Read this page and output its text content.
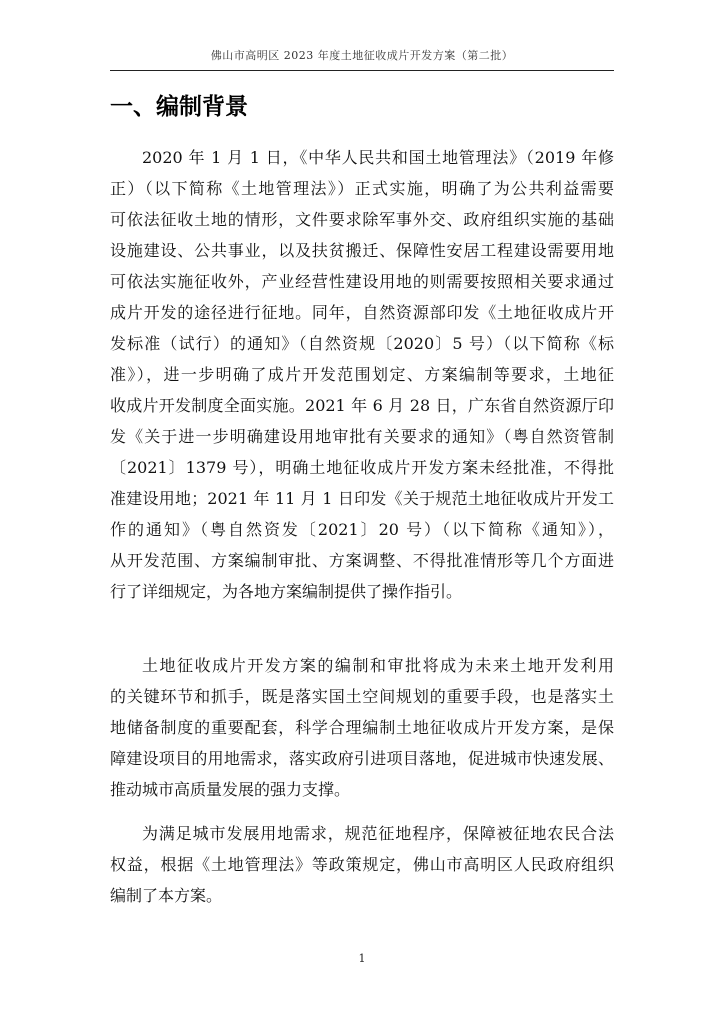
佛山市高明区 2023 年度土地征收成片开发方案（第二批）
一、编制背景
2020 年 1 月 1 日，《中华人民共和国土地管理法》（2019 年修
正）（以下简称《土地管理法》）正式实施，明确了为公共利益需要
可依法征收土地的情形，文件要求除军事外交、政府组织实施的基础
设施建设、公共事业，以及扶贫搬迁、保障性安居工程建设需要用地
可依法实施征收外，产业经营性建设用地的则需要按照相关要求通过
成片开发的途径进行征地。同年，自然资源部印发《土地征收成片开
发标准（试行）的通知》（自然资规〔2020〕5 号）（以下简称《标
准》），进一步明确了成片开发范围划定、方案编制等要求，土地征
收成片开发制度全面实施。2021 年 6 月 28 日，广东省自然资源厅印
发《关于进一步明确建设用地审批有关要求的通知》（粤自然资管制
〔2021〕1379 号），明确土地征收成片开发方案未经批准，不得批
准建设用地；2021 年 11 月 1 日印发《关于规范土地征收成片开发工
作的通知》（粤自然资发〔2021〕20 号）（以下简称《通知》），
从开发范围、方案编制审批、方案调整、不得批准情形等几个方面进
行了详细规定，为各地方案编制提供了操作指引。
土地征收成片开发方案的编制和审批将成为未来土地开发利用
的关键环节和抓手，既是落实国土空间规划的重要手段，也是落实土
地储备制度的重要配套，科学合理编制土地征收成片开发方案，是保
障建设项目的用地需求，落实政府引进项目落地，促进城市快速发展、
推动城市高质量发展的强力支撑。
为满足城市发展用地需求，规范征地程序，保障被征地农民合法
权益，根据《土地管理法》等政策规定，佛山市高明区人民政府组织
编制了本方案。
1
